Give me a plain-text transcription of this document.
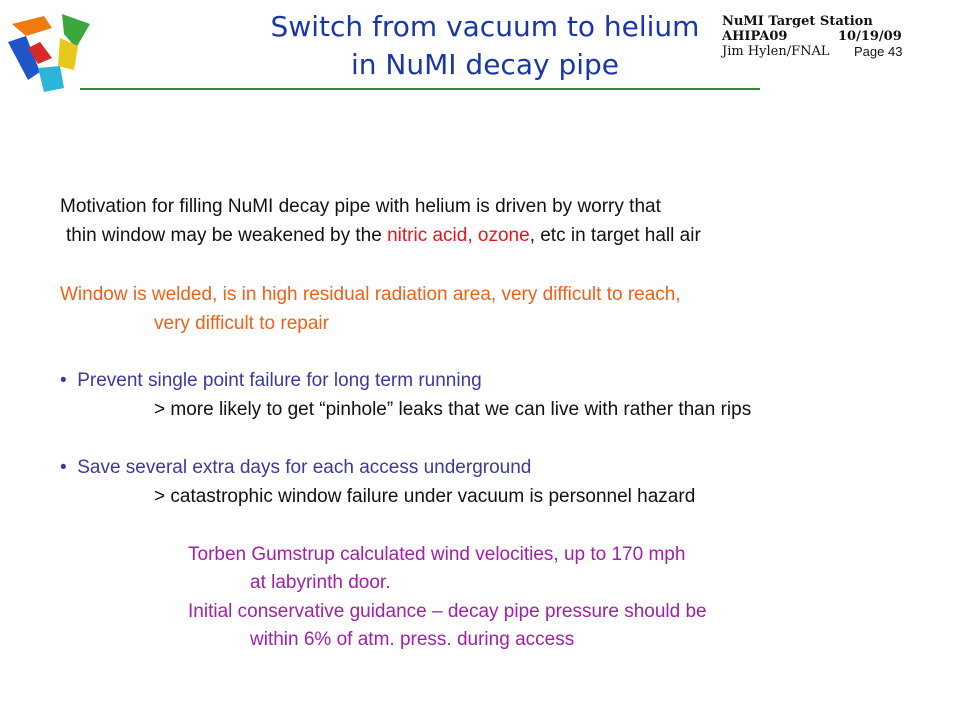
Switch from vacuum to helium
in NuMI decay pipe
NuMI Target Station
AHIPA09	10/19/09
Jim Hylen/FNAL Page 43
Motivation for filling NuMI decay pipe with helium is driven by worry that
thin window may be weakened by the nitric acid, ozone, etc in target hall air
Window is welded, is in high residual radiation area, very difficult to reach,
very difficult to repair
• Prevent single point failure for long term running
> more likely to get “pinhole” leaks that we can live with rather than rips
• Save several extra days for each access underground
> catastrophic window failure under vacuum is personnel hazard
Torben Gumstrup calculated wind velocities, up to 170 mph
at labyrinth door.
Initial conservative guidance – decay pipe pressure should be
within 6% of atm. press. during access
